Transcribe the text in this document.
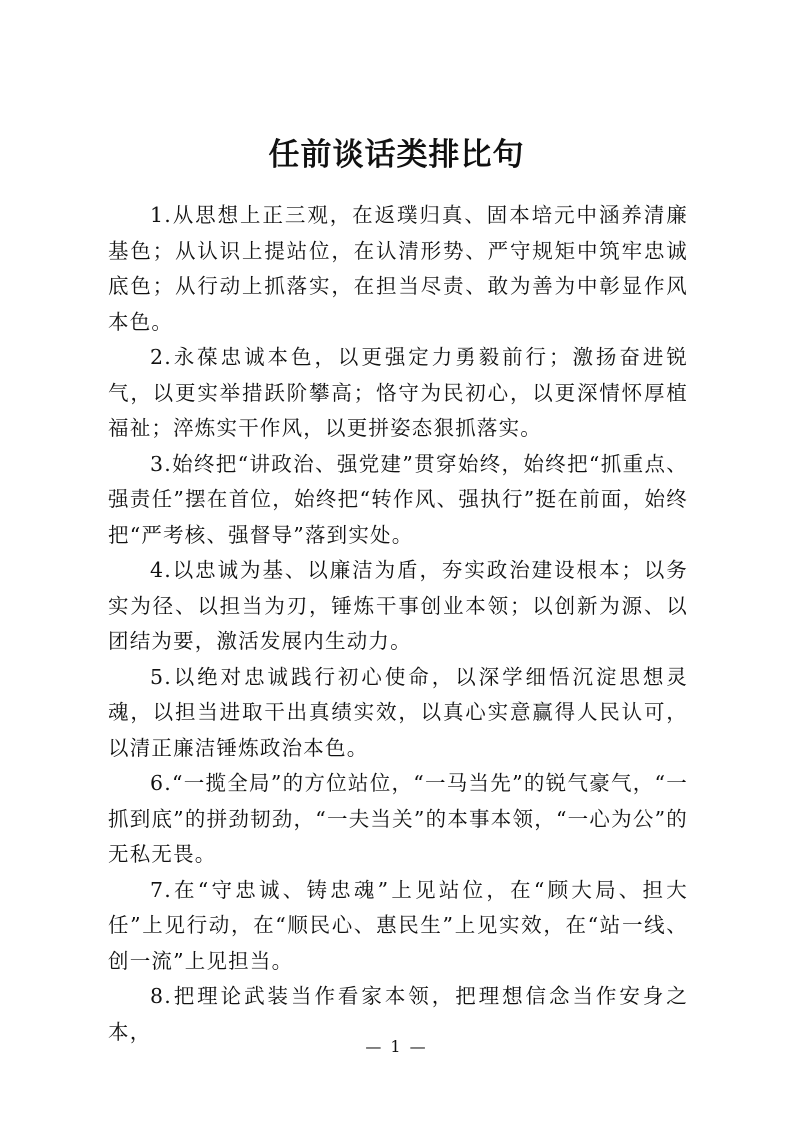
任前谈话类排比句

1.从思想上正三观，在返璞归真、固本培元中涵养清廉基色；从认识上提站位，在认清形势、严守规矩中筑牢忠诚底色；从行动上抓落实，在担当尽责、敢为善为中彰显作风本色。

2.永葆忠诚本色，以更强定力勇毅前行；激扬奋进锐气，以更实举措跃阶攀高；恪守为民初心，以更深情怀厚植福祉；淬炼实干作风，以更拼姿态狠抓落实。

3.始终把“讲政治、强党建”贯穿始终，始终把“抓重点、强责任”摆在首位，始终把“转作风、强执行”挺在前面，始终把“严考核、强督导”落到实处。

4.以忠诚为基、以廉洁为盾，夯实政治建设根本；以务实为径、以担当为刃，锤炼干事创业本领；以创新为源、以团结为要，激活发展内生动力。

5.以绝对忠诚践行初心使命，以深学细悟沉淀思想灵魂，以担当进取干出真绩实效，以真心实意赢得人民认可，以清正廉洁锤炼政治本色。

6.“一揽全局”的方位站位，“一马当先”的锐气豪气，“一抓到底”的拼劲韧劲，“一夫当关”的本事本领，“一心为公”的无私无畏。

7.在“守忠诚、铸忠魂”上见站位，在“顾大局、担大任”上见行动，在“顺民心、惠民生”上见实效，在“站一线、创一流”上见担当。

8.把理论武装当作看家本领，把理想信念当作安身之本，

— 1 —
